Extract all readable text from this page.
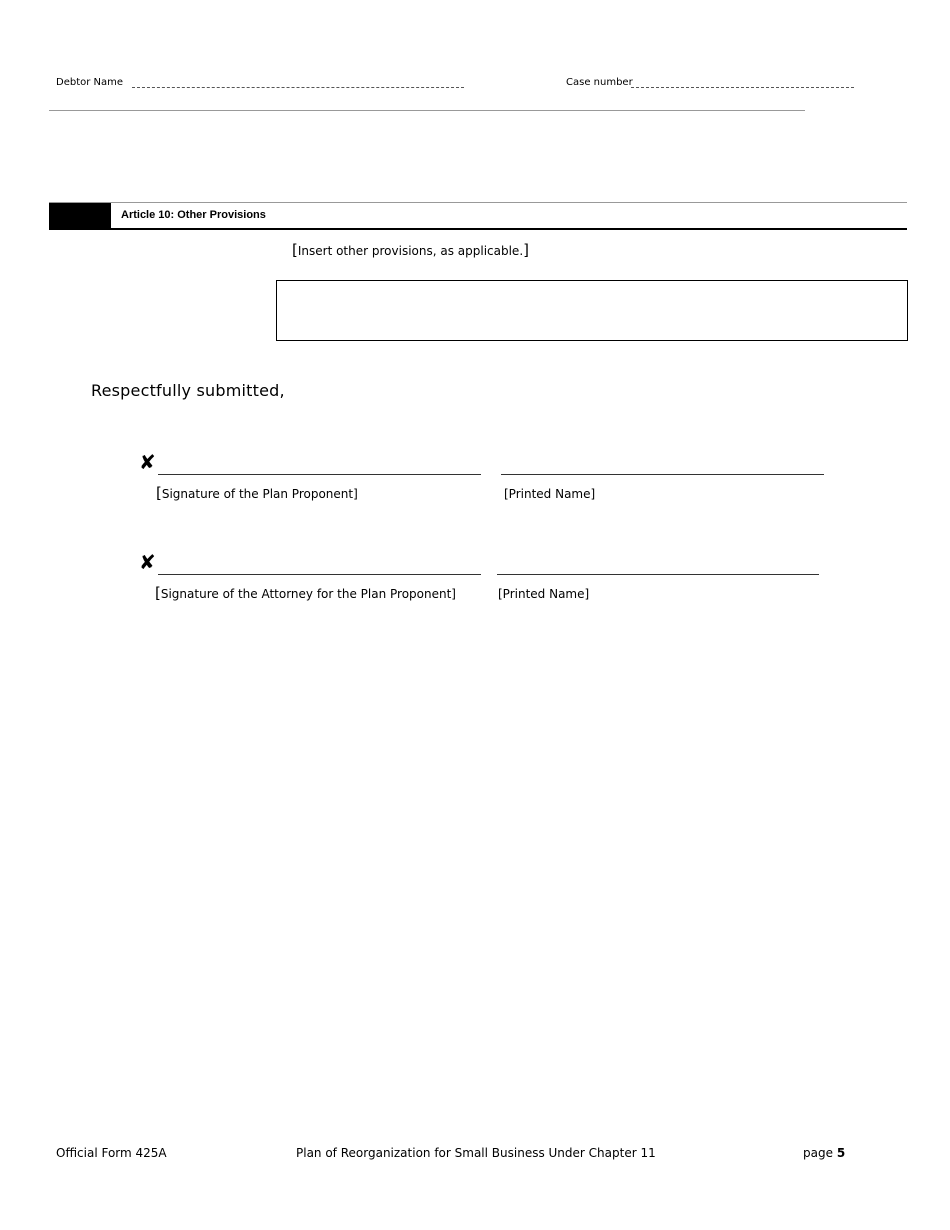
Debtor Name	Case number
Article 10: Other Provisions
[Insert other provisions, as applicable.]
Respectfully submitted,
✘
[Signature of the Plan Proponent]	[Printed Name]
✘
[Signature of the Attorney for the Plan Proponent]	[Printed Name]
Official Form 425A	Plan of Reorganization for Small Business Under Chapter 11	page 5
